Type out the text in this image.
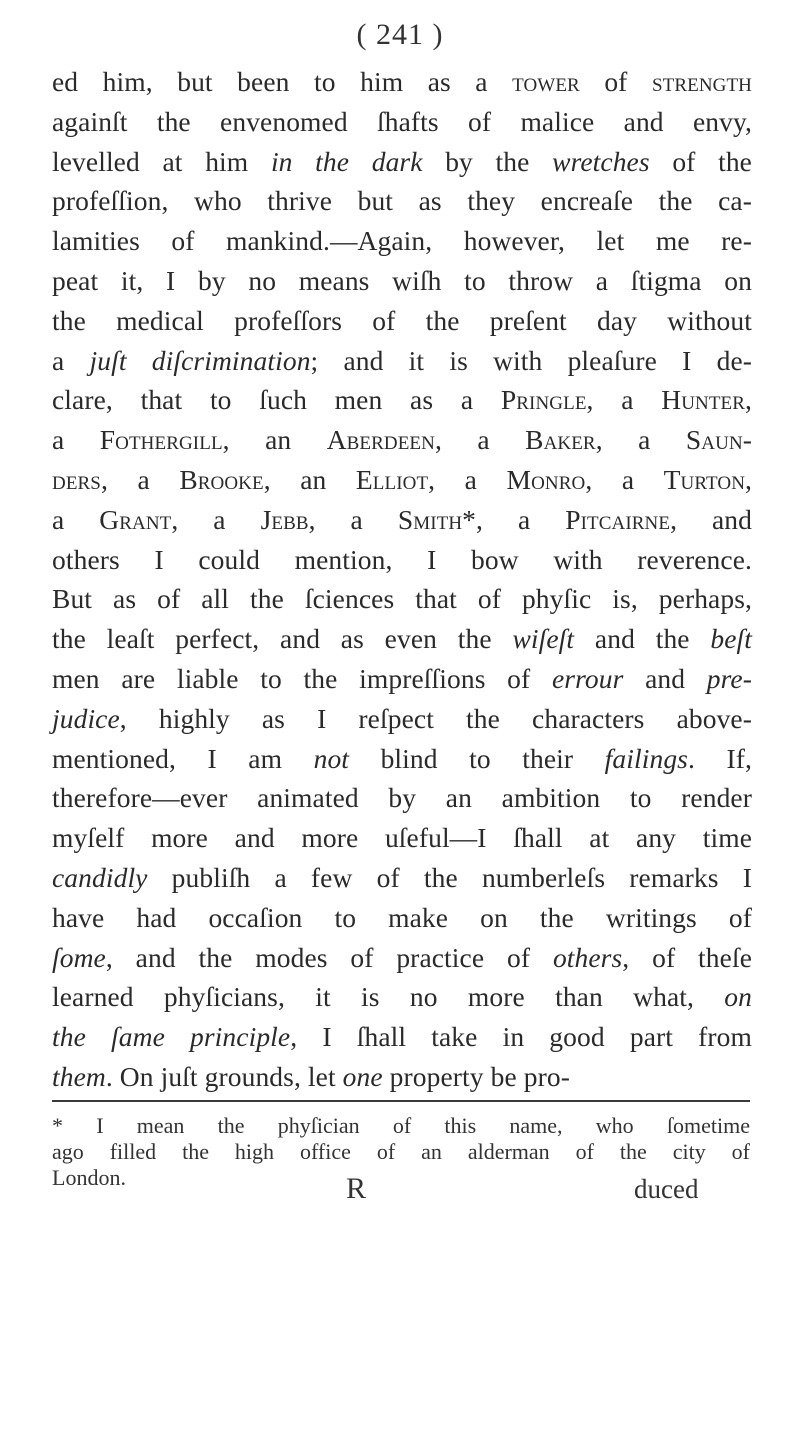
( 241 )
ed him, but been to him as a tower of strength
againſt the envenomed ſhafts of malice and envy,
levelled at him in the dark by the wretches of the
profeſſion, who thrive but as they encreaſe the ca-
lamities of mankind.—Again, however, let me re-
peat it, I by no means wiſh to throw a ſtigma on
the medical profeſſors of the preſent day without
a juſt diſcrimination; and it is with pleaſure I de-
clare, that to ſuch men as a Pringle, a Hunter,
a Fothergill, an Aberdeen, a Baker, a Saun-
ders, a Brooke, an Elliot, a Monro, a Turton,
a Grant, a Jebb, a Smith*, a Pitcairne, and
others I could mention, I bow with reverence.
But as of all the ſciences that of phyſic is, perhaps,
the leaſt perfect, and as even the wiſeſt and the beſt
men are liable to the impreſſions of errour and pre-
judice, highly as I reſpect the characters above-
mentioned, I am not blind to their failings. If,
therefore—ever animated by an ambition to render
myſelf more and more uſeful—I ſhall at any time
candidly publiſh a few of the numberleſs remarks I
have had occaſion to make on the writings of
ſome, and the modes of practice of others, of theſe
learned phyſicians, it is no more than what, on
the ſame principle, I ſhall take in good part from
them. On juſt grounds, let one property be pro-
* I mean the phyſician of this name, who ſometime
ago filled the high office of an alderman of the city of
London.	R	duced
